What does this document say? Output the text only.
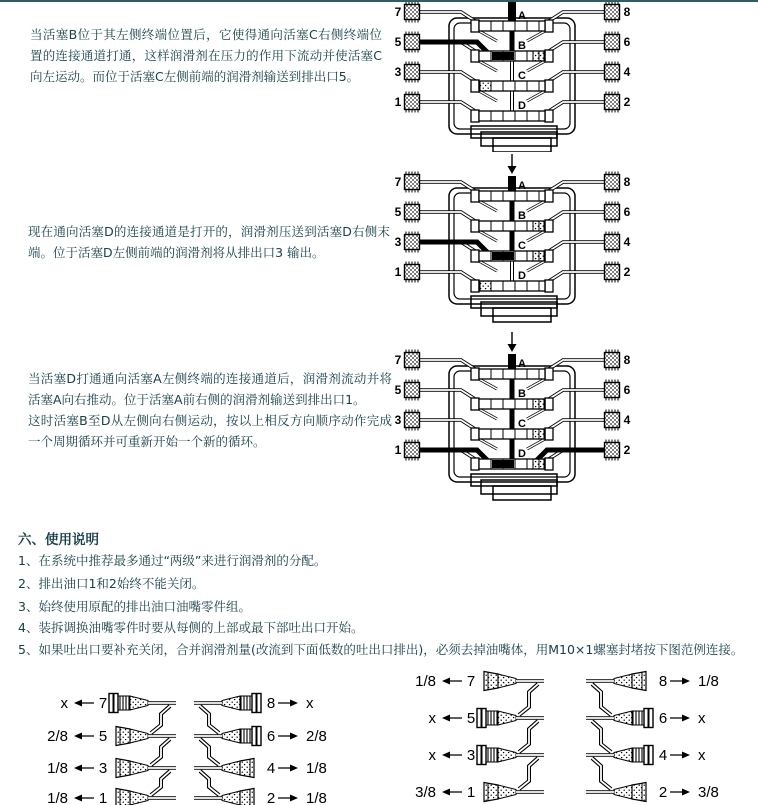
当活塞B位于其左侧终端位置后，它使得通向活塞C右侧终端位置的连接通道打通，这样润滑剂在压力的作用下流动并使活塞C向左运动。而位于活塞C左侧前端的润滑剂输送到排出口5。
现在通向活塞D的连接通道是打开的，润滑剂压送到活塞D右侧末端。位于活塞D左侧前端的润滑剂将从排出口3 输出。
当活塞D打通通向活塞A左侧终端的连接通道后，润滑剂流动并将活塞A向右推动。位于活塞A前右侧的润滑剂输送到排出口1。
这时活塞B至D从左侧向右侧运动，按以上相反方向顺序动作完成一个周期循环并可重新开始一个新的循环。
六、使用说明
1、在系统中推荐最多通过“两级”来进行润滑剂的分配。
2、排出油口1和2始终不能关闭。
3、始终使用原配的排出油口油嘴零件组。
4、装拆调换油嘴零件时要从每侧的上部或最下部吐出口开始。
5、如果吐出口要补充关闭，合并润滑剂量(改流到下面低数的吐出口排出)，必须去掉油嘴体，用M10×1螺塞封堵按下图范例连接。
A
B
C
D
7	8
5	6
3	4
1	2
A
B
C
D
7	8
5	6
3	4
1	2
A
B
C
D
7	8
5	6
3	4
1	2
x 7
2/8 5
1/8 3
1/8 1
8 x
6 2/8
4 1/8
2 1/8
1/8 7
x 5
x 3
3/8 1
8 1/8
6 x
4 x
2 3/8
